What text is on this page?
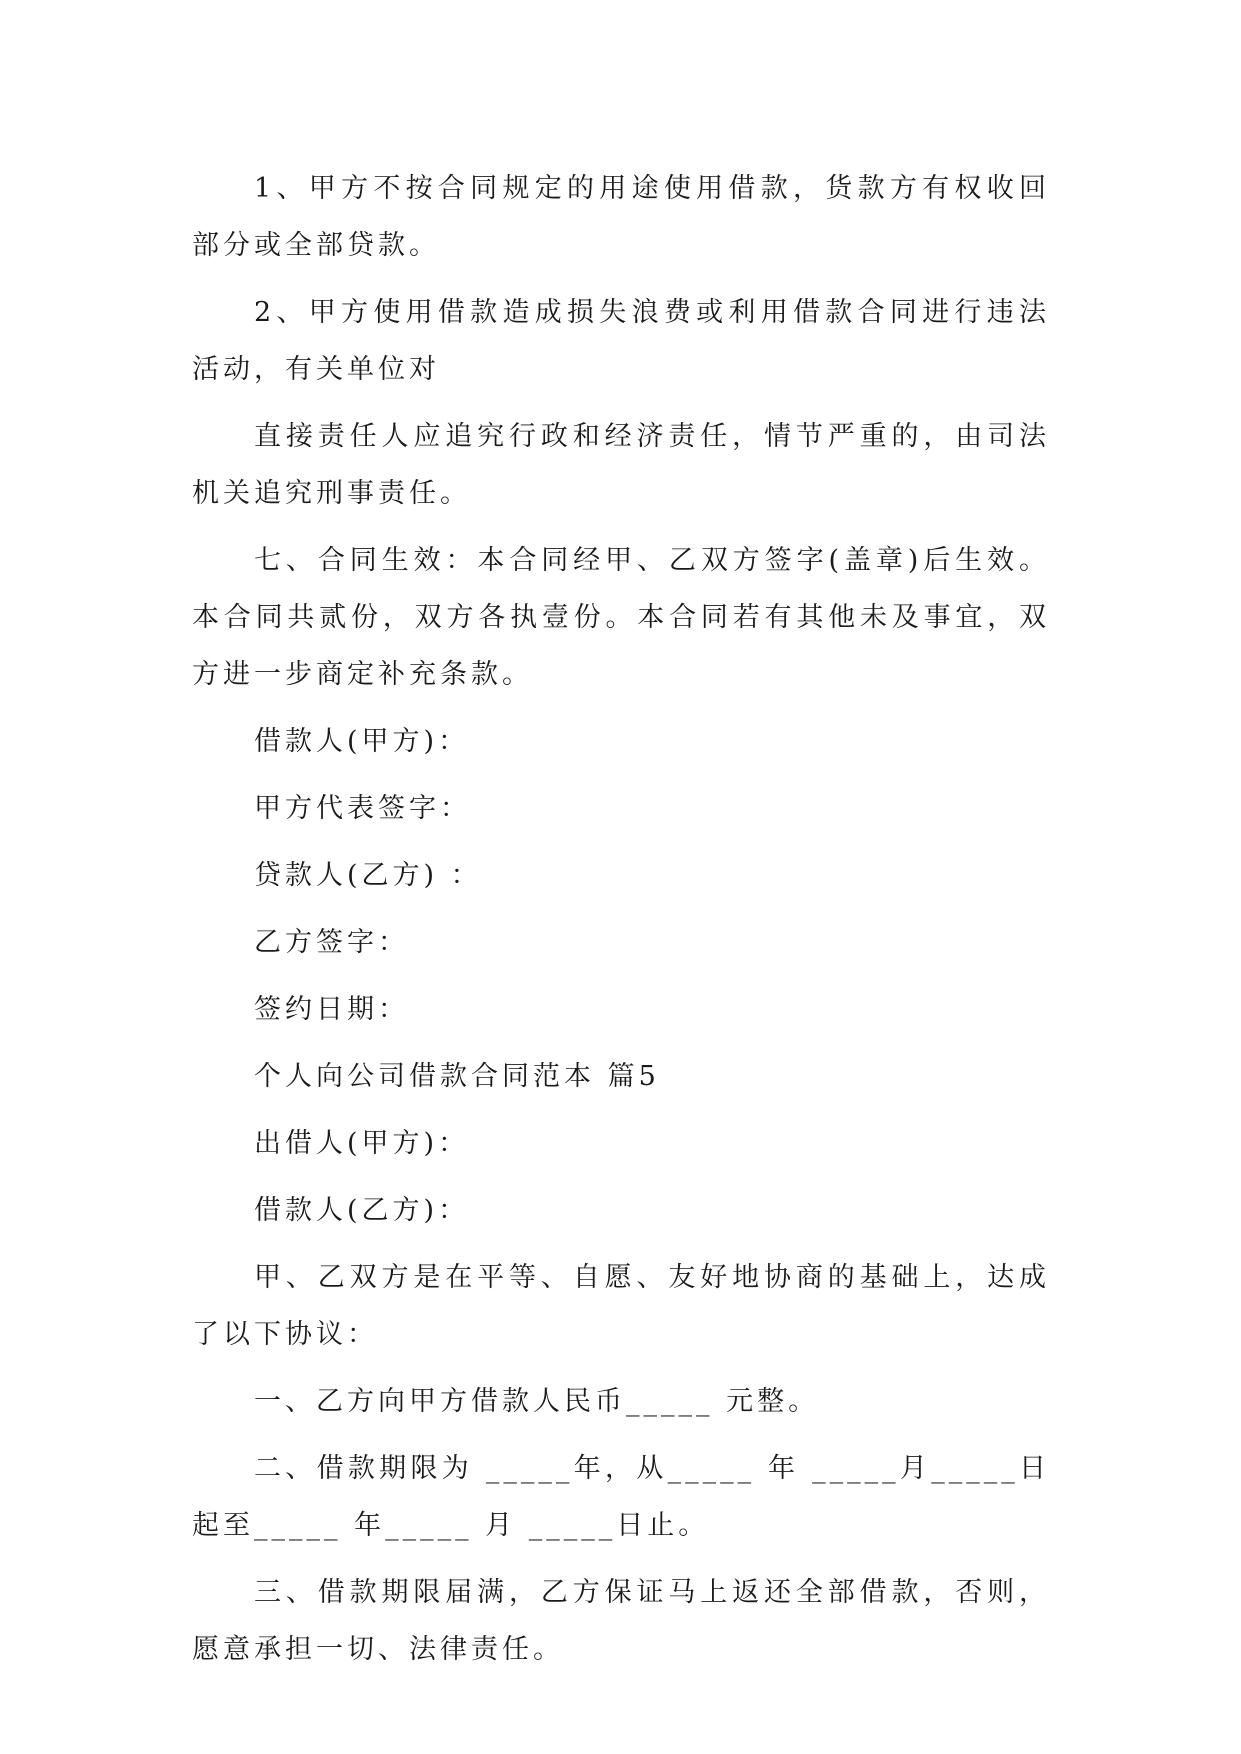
1、甲方不按合同规定的用途使用借款，货款方有权收回部分或全部贷款。

2、甲方使用借款造成损失浪费或利用借款合同进行违法活动，有关单位对

直接责任人应追究行政和经济责任，情节严重的，由司法机关追究刑事责任。

七、合同生效：本合同经甲、乙双方签字(盖章)后生效。本合同共贰份，双方各执壹份。本合同若有其他未及事宜，双方进一步商定补充条款。

借款人(甲方)：

甲方代表签字：

贷款人(乙方) ：

乙方签字：

签约日期：

个人向公司借款合同范本 篇5

出借人(甲方)：

借款人(乙方)：

甲、乙双方是在平等、自愿、友好地协商的基础上，达成了以下协议：

一、乙方向甲方借款人民币_____ 元整。

二、借款期限为 _____年，从_____ 年 _____月_____日起至_____ 年_____ 月 _____日止。

三、借款期限届满，乙方保证马上返还全部借款，否则，愿意承担一切、法律责任。
